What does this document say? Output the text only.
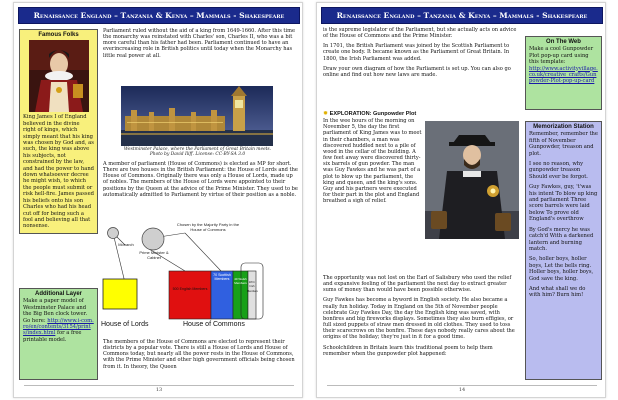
Renaissance England – Tanzania & Kenya – Mammals - Shakespeare
Famous Folks

King James I of England believed in the divine right of kings, which simply meant that his king was chosen by God and, as such, the king was above his subjects, not constrained by the law, and had the power to hand down whatsoever decree he might wish, to which the people must submit or risk hell-fire. James passed his beliefs onto his son Charles who had his head cut off for being such a fool and believing all that nonsense.

Additional Layer

Make a paper model of Westminster Palace and the Big Ben clock tower. Go here: http://www.i-com.ro/en/contents/3154/prints/index.html for a free printable model.

Parliament ruled without the aid of a king from 1649-1660. After this time the monarchy was reinstated with Charles' son, Charles II, who was a bit more careful than his father had been. Parliament continued to have an everincreasing role in British politics until today when the Monarchy has little real power at all.

Westminster Palace, where the Parliament of Great Britain meets.
Photo by David Iliff. License: CC-BY-SA 3.0

A member of parliament (House of Commons) is elected as MP for short. There are two houses in the British Parliament: the House of Lords and the House of Commons. Originally there was only a House of Lords, made up of nobles. The members of the House of Lords were appointed to their positions by the Queen at the advice of the Prime Minister. They used to be automatically admitted to Parliament by virtue of their position as a noble.

Monarch
Prime Minister & Cabinet
Chosen by the Majority Party in the House of Commons
500 English Members
70 Scottish Members	40 Welsh Members 18 N. Irish Members
House of Lords	House of Commons

The members of the House of Commons are elected to represent their districts by a popular vote. There is still a House of Lords and House of Commons today, but nearly all the power rests in the House of Commons, with the Prime Minister and other high government officials being chosen from it. In theory, the Queen

13
Renaissance England – Tanzania & Kenya – Mammals - Shakespeare

is the supreme legislator of the Parliament, but she actually acts on advice of the House of Commons and the Prime Minister.

In 1701, the British Parliament was joined by the Scottish Parliament to create one body. It became known as the Parliament of Great Britain. In 1800, the Irish Parliament was added.

Draw your own diagram of how the Parliament is set up. You can also go online and find out how new laws are made.

On The Web

Make a cool Gunpowder Plot pop-up card using this template:

http://www.activityvillage.co.uk/creative_crafts/Gunpowder-Plot-pop-up-card

✹ EXPLORATION: Gunpowder Plot

In the wee hours of the morning on November 5, the day the first parliament of King James was to meet in their chambers, a man was discovered huddled next to a pile of wood in the cellar of the building. A few feet away were discovered thirty-six barrels of gun powder. The man was Guy Fawkes and he was part of a plot to blow up the parliament, the king and queen, and the king's sons. Guy and his partners were executed for their part in the plot and England breathed a sigh of relief.

Memorization Station

Remember, remember the fifth of November Gunpowder, treason and plot.

I see no reason, why gunpowder treason Should ever be forgot.

Guy Fawkes, guy, 't'was his intent To blow up king and parliament Three score barrels were laid below To prove old England's overthrow

By God's mercy he was catch'd With a darkened lantern and burning match.

So, holler boys, holler boys, Let the bells ring. Holler boys, holler boys, God save the king.

And what shall we do with him? Burn him!

The opportunity was not lost on the Earl of Salisbury who used the relief and expansive feeling of the parliament the next day to extract greater sums of money than would have been possible otherwise.

Guy Fawkes has become a byword in English society. He also became a really fun holiday. Today in England on the 5th of November people celebrate Guy Fawkes Day, the day the English king was saved, with bonfires and big fireworks displays. Sometimes they also burn effigies, or full sized puppets of straw men dressed in old clothes. They used to toss their scarecrows on the bonfire. These days nobody really cares about the origins of the holiday; they're just in it for a good time.

Schoolchildren in Britain learn this traditional poem to help them remember when the gunpowder plot happened:

14
